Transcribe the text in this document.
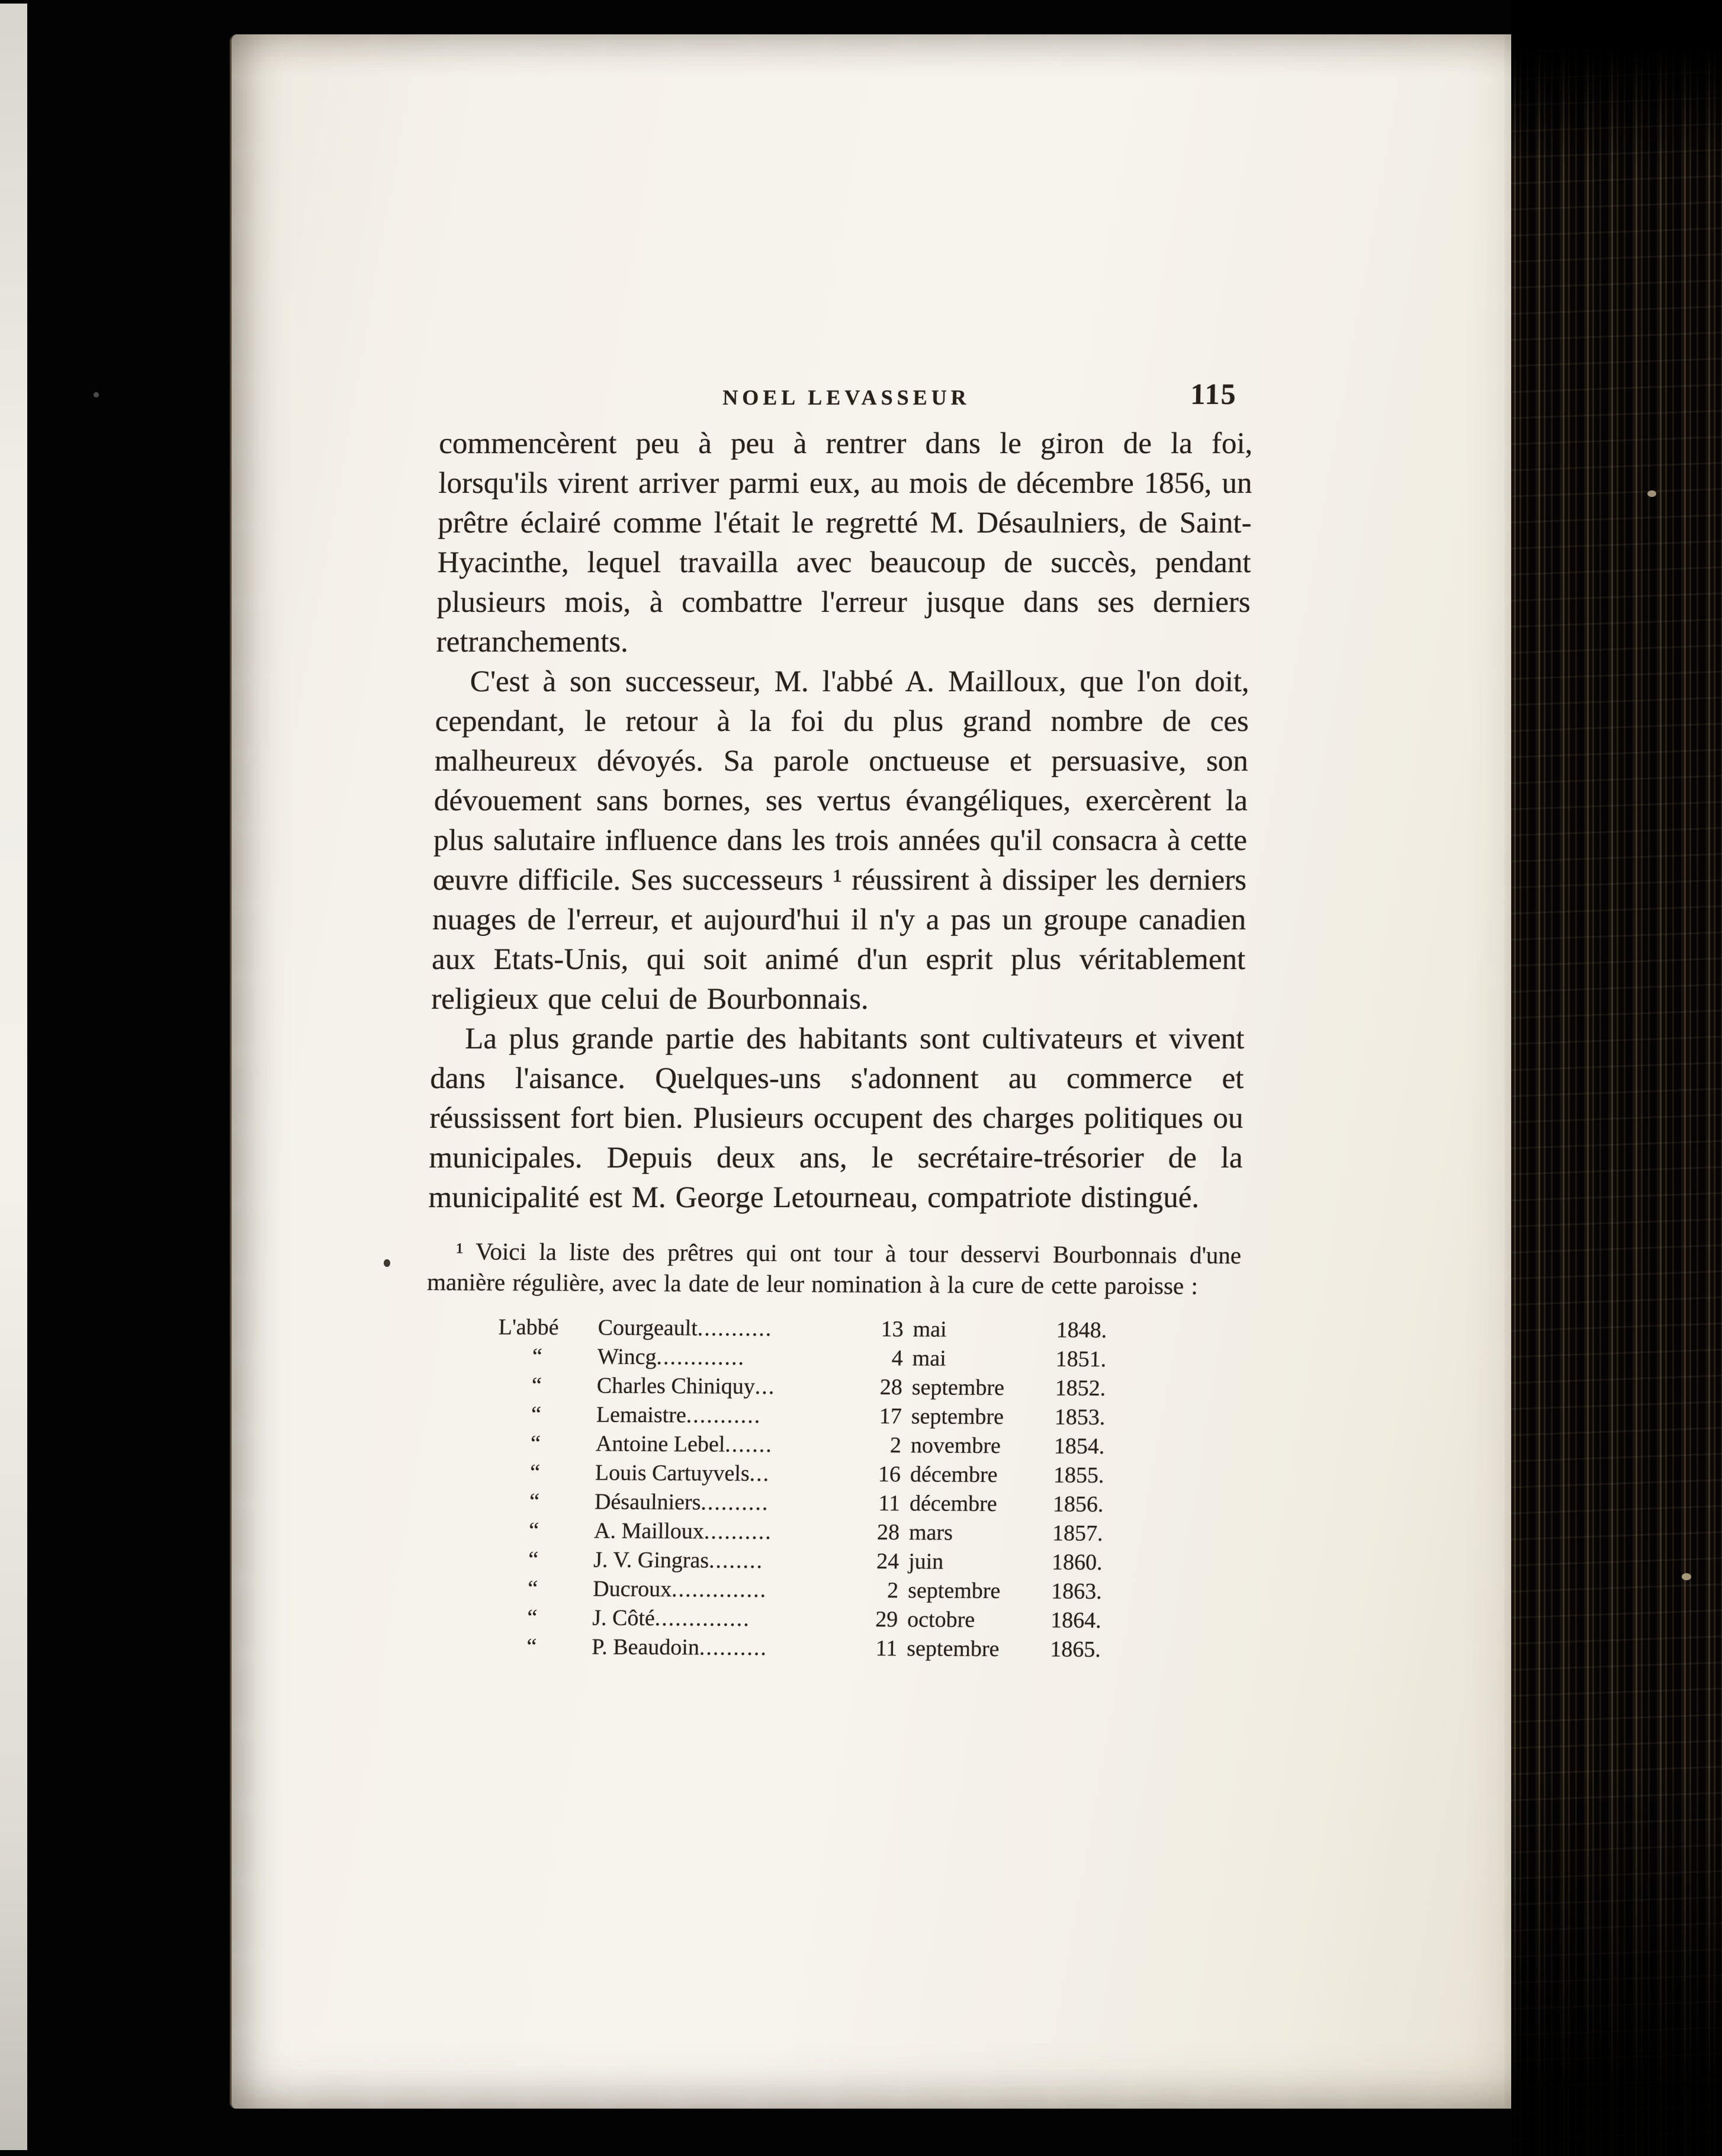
NOEL LEVASSEUR	115

commencèrent peu à peu à rentrer dans le giron de la foi, lorsqu'ils virent arriver parmi eux, au mois de décembre 1856, un prêtre éclairé comme l'était le regretté M. Désaulniers, de Saint-Hyacinthe, lequel travailla avec beaucoup de succès, pendant plusieurs mois, à combattre l'erreur jusque dans ses derniers retranchements.

C'est à son successeur, M. l'abbé A. Mailloux, que l'on doit, cependant, le retour à la foi du plus grand nombre de ces malheureux dévoyés. Sa parole onctueuse et persuasive, son dévouement sans bornes, ses vertus évangéliques, exercèrent la plus salutaire influence dans les trois années qu'il consacra à cette œuvre difficile. Ses successeurs ¹ réussirent à dissiper les derniers nuages de l'erreur, et aujourd'hui il n'y a pas un groupe canadien aux Etats-Unis, qui soit animé d'un esprit plus véritablement religieux que celui de Bourbonnais.

La plus grande partie des habitants sont cultivateurs et vivent dans l'aisance. Quelques-uns s'adonnent au commerce et réussissent fort bien. Plusieurs occupent des charges politiques ou municipales. Depuis deux ans, le secrétaire-trésorier de la municipalité est M. George Letourneau, compatriote distingué.

¹ Voici la liste des prêtres qui ont tour à tour desservi Bourbonnais d'une manière régulière, avec la date de leur nomination à la cure de cette paroisse :

L'abbé	Courgeault...........	13 mai	1848.
“	Wincg.............	4 mai	1851.
“	Charles Chiniquy...	28 septembre	1852.
“	Lemaistre...........	17 septembre	1853.
“	Antoine Lebel.......	2 novembre	1854.
“	Louis Cartuyvels...	16 décembre	1855.
“	Désaulniers..........	11 décembre	1856.
“	A. Mailloux..........	28 mars	1857.
“	J. V. Gingras........	24 juin	1860.
“	Ducroux..............	2 septembre	1863.
“	J. Côté..............	29 octobre	1864.
“	P. Beaudoin..........	11 septembre	1865.
